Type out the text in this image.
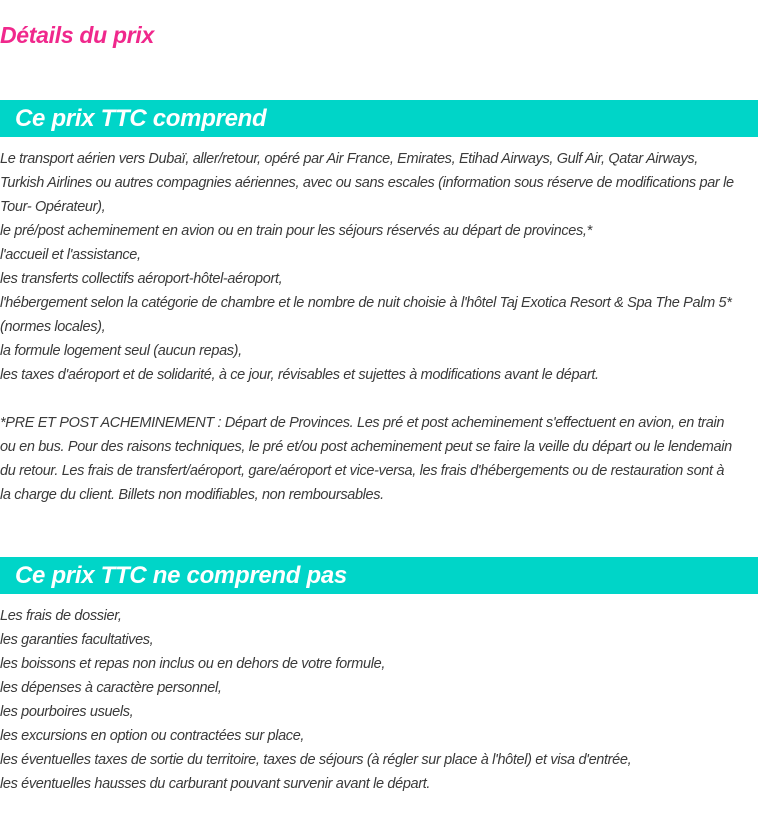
Détails du prix
Ce prix TTC comprend
Le transport aérien vers Dubaï, aller/retour, opéré par Air France, Emirates, Etihad Airways, Gulf Air, Qatar Airways,
Turkish Airlines ou autres compagnies aériennes, avec ou sans escales (information sous réserve de modifications par le
Tour- Opérateur),
le pré/post acheminement en avion ou en train pour les séjours réservés au départ de provinces,*
l'accueil et l'assistance,
les transferts collectifs aéroport-hôtel-aéroport,
l'hébergement selon la catégorie de chambre et le nombre de nuit choisie à l'hôtel Taj Exotica Resort & Spa The Palm 5*
(normes locales),
la formule logement seul (aucun repas),
les taxes d'aéroport et de solidarité, à ce jour, révisables et sujettes à modifications avant le départ.
*PRE ET POST ACHEMINEMENT : Départ de Provinces. Les pré et post acheminement s'effectuent en avion, en train
ou en bus. Pour des raisons techniques, le pré et/ou post acheminement peut se faire la veille du départ ou le lendemain
du retour. Les frais de transfert/aéroport, gare/aéroport et vice-versa, les frais d'hébergements ou de restauration sont à
la charge du client. Billets non modifiables, non remboursables.
Ce prix TTC ne comprend pas
Les frais de dossier,
les garanties facultatives,
les boissons et repas non inclus ou en dehors de votre formule,
les dépenses à caractère personnel,
les pourboires usuels,
les excursions en option ou contractées sur place,
les éventuelles taxes de sortie du territoire, taxes de séjours (à régler sur place à l'hôtel) et visa d'entrée,
les éventuelles hausses du carburant pouvant survenir avant le départ.
